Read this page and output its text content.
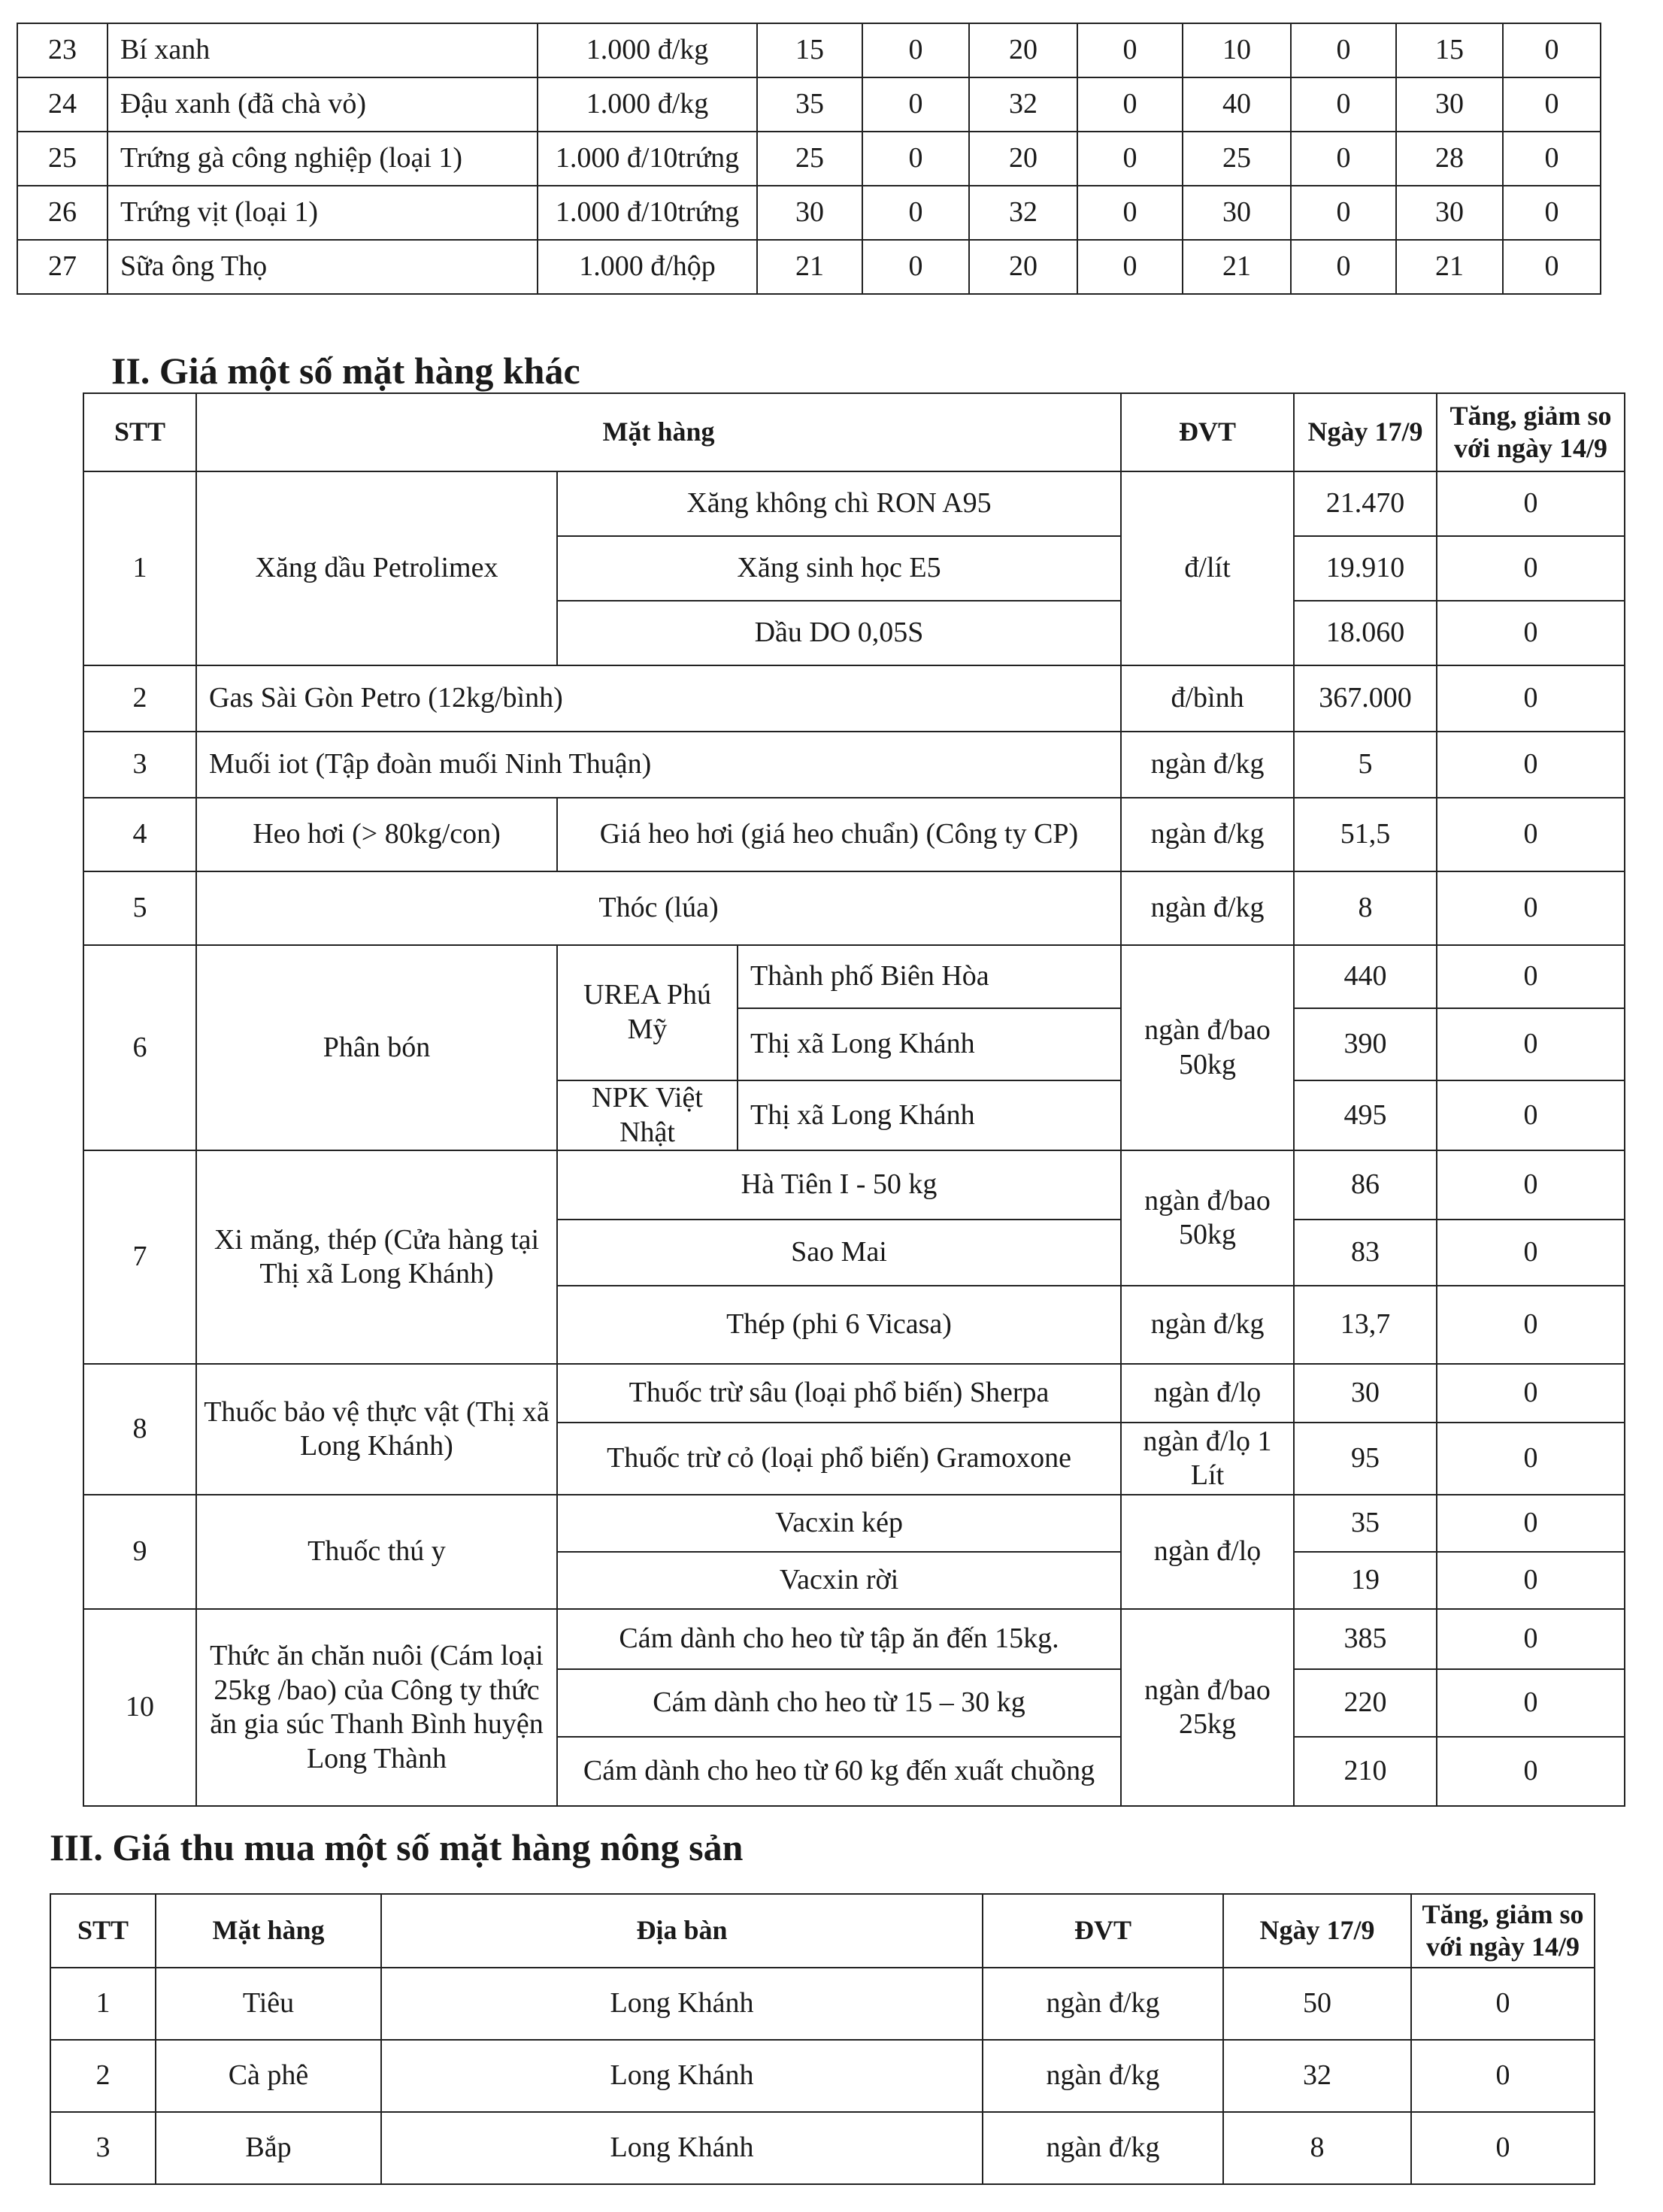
23	Bí xanh	1.000 đ/kg	15	0	20	0	10	0	15	0
24	Đậu xanh (đã chà vỏ)	1.000 đ/kg	35	0	32	0	40	0	30	0
25	Trứng gà công nghiệp (loại 1)	1.000 đ/10trứng	25	0	20	0	25	0	28	0
26	Trứng vịt (loại 1)	1.000 đ/10trứng	30	0	32	0	30	0	30	0
27	Sữa ông Thọ	1.000 đ/hộp	21	0	20	0	21	0	21	0
II. Giá một số mặt hàng khác
STT	Mặt hàng			ĐVT	Ngày 17/9	Tăng, giảm so với ngày 14/9
1	Xăng dầu Petrolimex	Xăng không chì RON A95		đ/lít	21.470	0
		Xăng sinh học E5			19.910	0
		Dầu DO 0,05S			18.060	0
2	Gas Sài Gòn Petro (12kg/bình)			đ/bình	367.000	0
3	Muối iot (Tập đoàn muối Ninh Thuận)			ngàn đ/kg	5	0
4	Heo hơi (> 80kg/con)	Giá heo hơi (giá heo chuẩn) (Công ty CP)		ngàn đ/kg	51,5	0
5	Thóc (lúa)			ngàn đ/kg	8	0
6	Phân bón	UREA Phú Mỹ	Thành phố Biên Hòa	ngàn đ/bao 50kg	440	0
			Thị xã Long Khánh		390	0
		NPK Việt Nhật	Thị xã Long Khánh		495	0
7	Xi măng, thép (Cửa hàng tại Thị xã Long Khánh)	Hà Tiên I - 50 kg		ngàn đ/bao 50kg	86	0
		Sao Mai			83	0
		Thép (phi 6 Vicasa)		ngàn đ/kg	13,7	0
8	Thuốc bảo vệ thực vật (Thị xã Long Khánh)	Thuốc trừ sâu (loại phổ biến) Sherpa		ngàn đ/lọ	30	0
		Thuốc trừ cỏ (loại phổ biến) Gramoxone		ngàn đ/lọ 1 Lít	95	0
9	Thuốc thú y	Vacxin kép		ngàn đ/lọ	35	0
		Vacxin rời			19	0
10	Thức ăn chăn nuôi (Cám loại 25kg /bao) của Công ty thức ăn gia súc Thanh Bình huyện Long Thành	Cám dành cho heo từ tập ăn đến 15kg.		ngàn đ/bao 25kg	385	0
		Cám dành cho heo từ 15 – 30 kg			220	0
		Cám dành cho heo từ 60 kg đến xuất chuồng			210	0
III. Giá thu mua một số mặt hàng nông sản
STT	Mặt hàng	Địa bàn	ĐVT	Ngày 17/9	Tăng, giảm so với ngày 14/9
1	Tiêu	Long Khánh	ngàn đ/kg	50	0
2	Cà phê	Long Khánh	ngàn đ/kg	32	0
3	Bắp	Long Khánh	ngàn đ/kg	8	0
